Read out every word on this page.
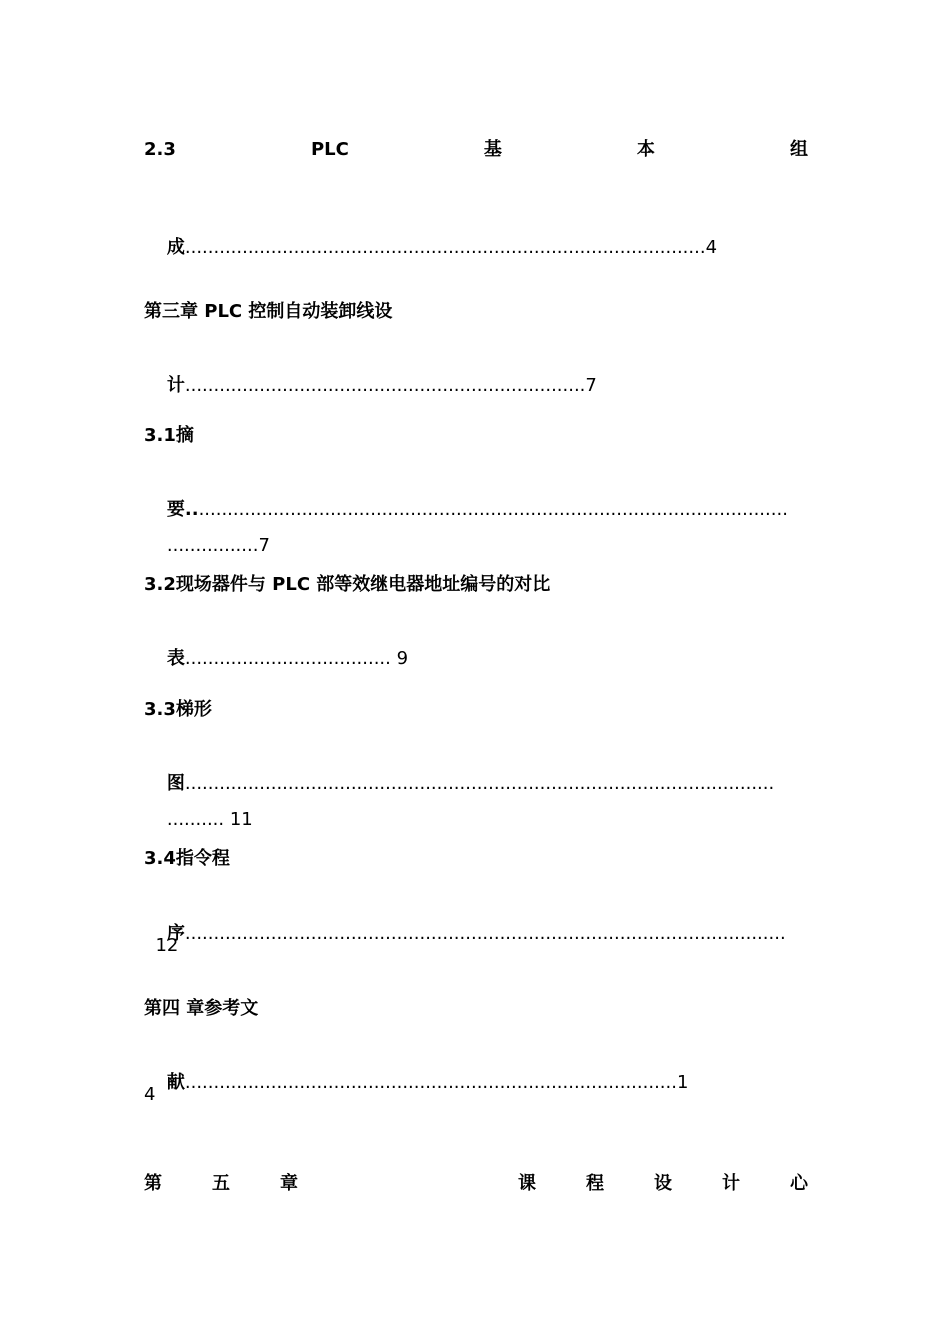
2.3	PLC	基	本	组

成...........................................................................................4

第三章 PLC 控制自动装卸线设

计......................................................................7

3.1摘

要.........................................................................................................

................7

3.2现场器件与 PLC 部等效继电器地址编号的对比

表.................................... 9

3.3梯形

图.......................................................................................................

.......... 11

3.4指令程

序.........................................................................................................

12
第四 章参考文

献......................................................................................1

4
第	五	章	课	程	设	计	心
